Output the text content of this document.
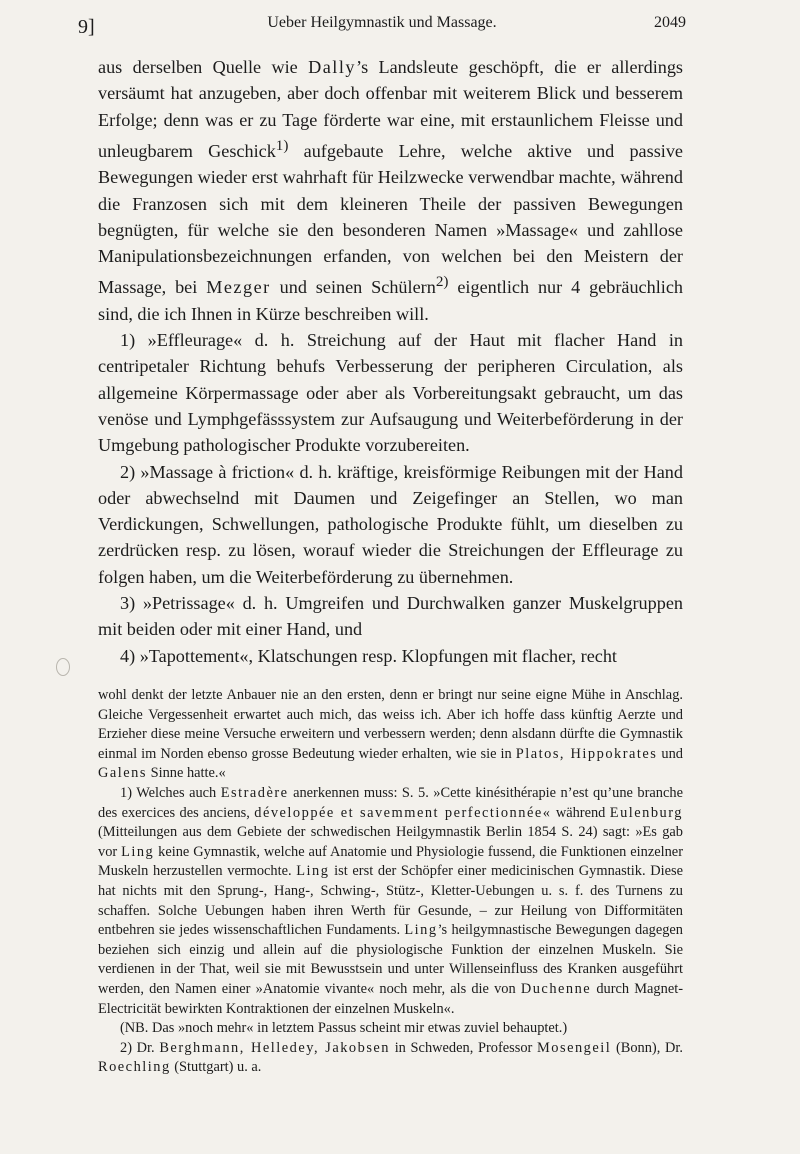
9]	Ueber Heilgymnastik und Massage.	2049

aus derselben Quelle wie Dally’s Landsleute geschöpft, die er allerdings versäumt hat anzugeben, aber doch offenbar mit weiterem Blick und besserem Erfolge; denn was er zu Tage förderte war eine, mit erstaunlichem Fleisse und unleugbarem Geschick$^{1)}$ aufgebaute Lehre, welche aktive und passive Bewegungen wieder erst wahrhaft für Heilzwecke verwendbar machte, während die Franzosen sich mit dem kleineren Theile der passiven Bewegungen begnügten, für welche sie den besonderen Namen »Massage« und zahllose Manipulationsbezeichnungen erfanden, von welchen bei den Meistern der Massage, bei Mezger und seinen Schülern$^{2)}$ eigentlich nur 4 gebräuchlich sind, die ich Ihnen in Kürze beschreiben will.

1) »Effleurage« d. h. Streichung auf der Haut mit flacher Hand in centripetaler Richtung behufs Verbesserung der peripheren Circulation, als allgemeine Körpermassage oder aber als Vorbereitungsakt gebraucht, um das venöse und Lymphgefässsystem zur Aufsaugung und Weiterbeförderung in der Umgebung pathologischer Produkte vorzubereiten.

2) »Massage à friction« d. h. kräftige, kreisförmige Reibungen mit der Hand oder abwechselnd mit Daumen und Zeigefinger an Stellen, wo man Verdickungen, Schwellungen, pathologische Produkte fühlt, um dieselben zu zerdrücken resp. zu lösen, worauf wieder die Streichungen der Effleurage zu folgen haben, um die Weiterbeförderung zu übernehmen.

3) »Petrissage« d. h. Umgreifen und Durchwalken ganzer Muskelgruppen mit beiden oder mit einer Hand, und

4) »Tapottement«, Klatschungen resp. Klopfungen mit flacher, recht

wohl denkt der letzte Anbauer nie an den ersten, denn er bringt nur seine eigne Mühe in Anschlag. Gleiche Vergessenheit erwartet auch mich, das weiss ich. Aber ich hoffe dass künftig Aerzte und Erzieher diese meine Versuche erweitern und verbessern werden; denn alsdann dürfte die Gymnastik einmal im Norden ebenso grosse Bedeutung wieder erhalten, wie sie in Platos, Hippokrates und Galens Sinne hatte.«

1) Welches auch Estradère anerkennen muss: S. 5. »Cette kinésithérapie n’est qu’une branche des exercices des anciens, développée et savemment perfectionnée« während Eulenburg (Mitteilungen aus dem Gebiete der schwedischen Heilgymnastik Berlin 1854 S. 24) sagt: »Es gab vor Ling keine Gymnastik, welche auf Anatomie und Physiologie fussend, die Funktionen einzelner Muskeln herzustellen vermochte. Ling ist erst der Schöpfer einer medicinischen Gymnastik. Diese hat nichts mit den Sprung-, Hang-, Schwing-, Stütz-, Kletter-Uebungen u. s. f. des Turnens zu schaffen. Solche Uebungen haben ihren Werth für Gesunde, – zur Heilung von Difformitäten entbehren sie jedes wissenschaftlichen Fundaments. Ling’s heilgymnastische Bewegungen dagegen beziehen sich einzig und allein auf die physiologische Funktion der einzelnen Muskeln. Sie verdienen in der That, weil sie mit Bewusstsein und unter Willenseinfluss des Kranken ausgeführt werden, den Namen einer »Anatomie vivante« noch mehr, als die von Duchenne durch Magnet-Electricität bewirkten Kontraktionen der einzelnen Muskeln«.

(NB. Das »noch mehr« in letztem Passus scheint mir etwas zuviel behauptet.)

2) Dr. Berghmann, Helledey, Jakobsen in Schweden, Professor Mosengeil (Bonn), Dr. Roechling (Stuttgart) u. a.
